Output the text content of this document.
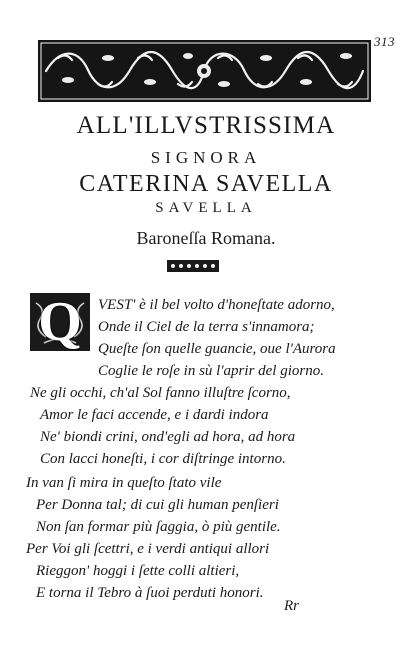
313
ALL'ILLVSTRISSIMA
SIGNORA
CATERINA SAVELLA
SAVELLA
Baroneſſa Romana.
Q	VEST' è il bel volto d'honeſtate adorno,
Onde il Ciel de la terra s'innamora;
Queſte ſon quelle guancie, oue l'Aurora
Coglie le roſe in sù l'aprir del giorno.
Ne gli occhi, ch'al Sol fanno illuſtre ſcorno,
Amor le faci accende, e i dardi indora
Ne' biondi crini, ond'egli ad hora, ad hora
Con lacci honeſti, i cor diſtringe intorno.
In van ſi mira in queſto ſtato vile
Per Donna tal; di cui gli human penſieri
Non ſan formar più ſaggia, ò più gentile.
Per Voi gli ſcettri, e i verdi antiqui allori
Rieggon' hoggi i ſette colli altieri,
E torna il Tebro à ſuoi perduti honori.
Rr
